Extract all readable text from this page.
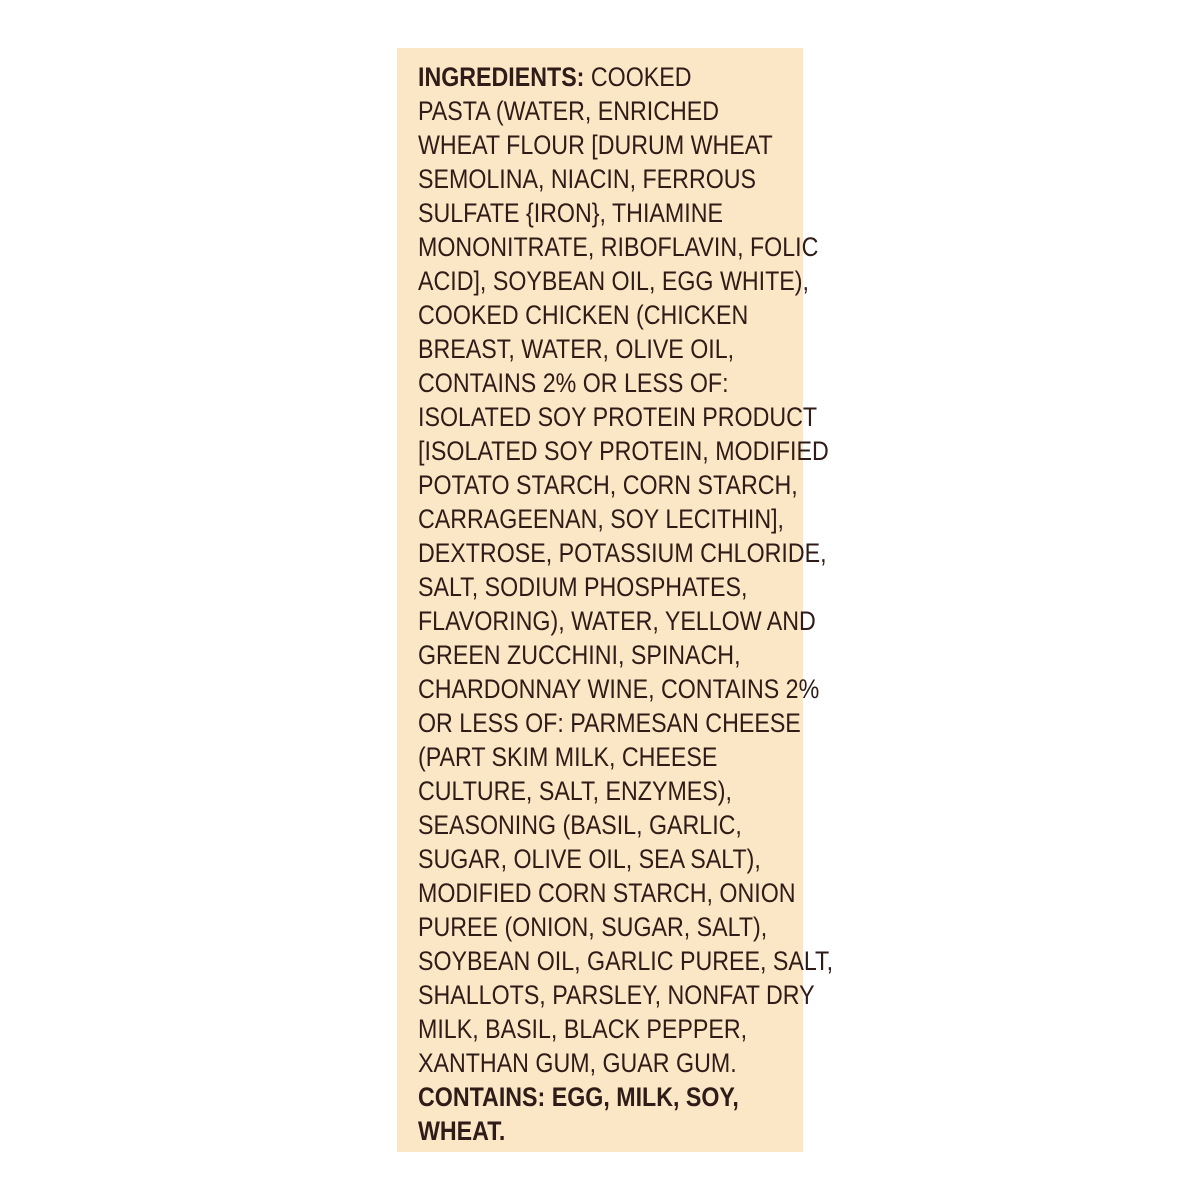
INGREDIENTS: COOKED
PASTA (WATER, ENRICHED
WHEAT FLOUR [DURUM WHEAT
SEMOLINA, NIACIN, FERROUS
SULFATE {IRON}, THIAMINE
MONONITRATE, RIBOFLAVIN, FOLIC
ACID], SOYBEAN OIL, EGG WHITE),
COOKED CHICKEN (CHICKEN
BREAST, WATER, OLIVE OIL,
CONTAINS 2% OR LESS OF:
ISOLATED SOY PROTEIN PRODUCT
[ISOLATED SOY PROTEIN, MODIFIED
POTATO STARCH, CORN STARCH,
CARRAGEENAN, SOY LECITHIN],
DEXTROSE, POTASSIUM CHLORIDE,
SALT, SODIUM PHOSPHATES,
FLAVORING), WATER, YELLOW AND
GREEN ZUCCHINI, SPINACH,
CHARDONNAY WINE, CONTAINS 2%
OR LESS OF: PARMESAN CHEESE
(PART SKIM MILK, CHEESE
CULTURE, SALT, ENZYMES),
SEASONING (BASIL, GARLIC,
SUGAR, OLIVE OIL, SEA SALT),
MODIFIED CORN STARCH, ONION
PUREE (ONION, SUGAR, SALT),
SOYBEAN OIL, GARLIC PUREE, SALT,
SHALLOTS, PARSLEY, NONFAT DRY
MILK, BASIL, BLACK PEPPER,
XANTHAN GUM, GUAR GUM.
CONTAINS: EGG, MILK, SOY,
WHEAT.
